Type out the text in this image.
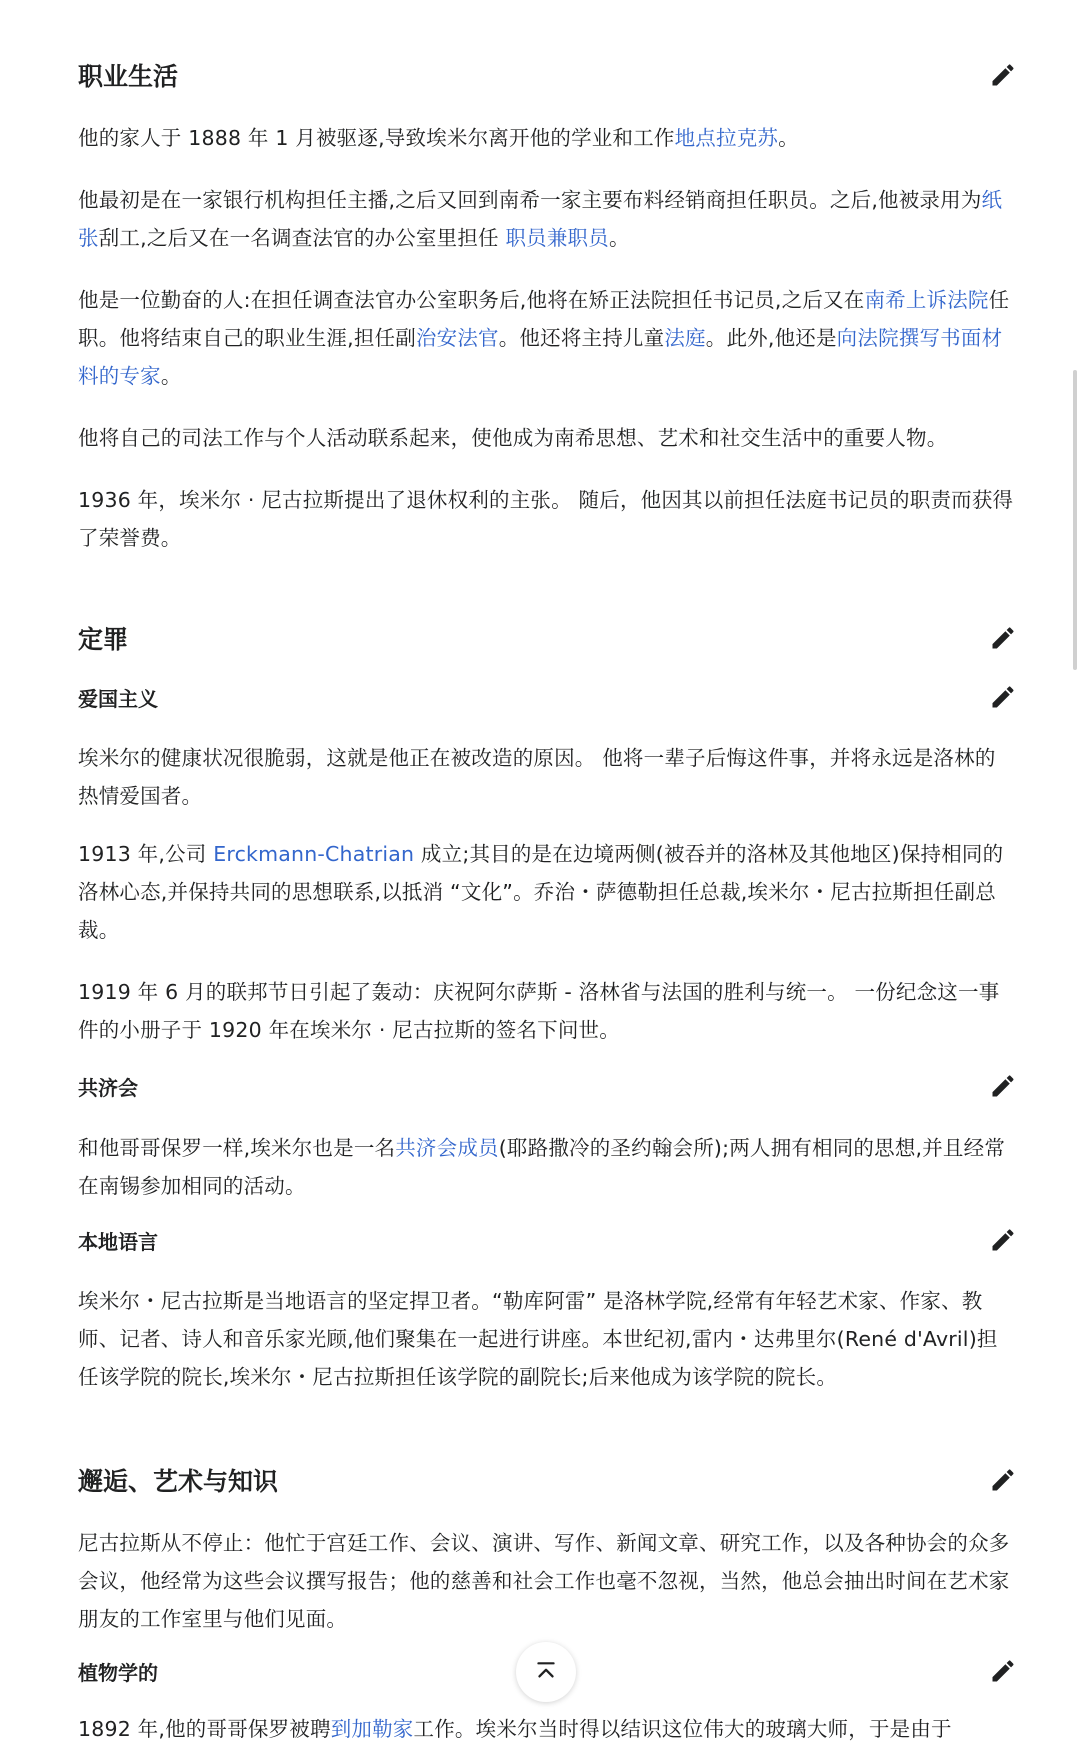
职业生活

他的家人于 1888 年 1 月被驱逐,导致埃米尔离开他的学业和工作地点拉克苏。

他最初是在一家银行机构担任主播,之后又回到南希一家主要布料经销商担任职员。之后,他被录用为纸张刮工,之后又在一名调查法官的办公室里担任 职员兼职员。

他是一位勤奋的人:在担任调查法官办公室职务后,他将在矫正法院担任书记员,之后又在南希上诉法院任职。他将结束自己的职业生涯,担任副治安法官。他还将主持儿童法庭。此外,他还是向法院撰写书面材料的专家。

他将自己的司法工作与个人活动联系起来，使他成为南希思想、艺术和社交生活中的重要人物。

1936 年，埃米尔 · 尼古拉斯提出了退休权利的主张。 随后，他因其以前担任法庭书记员的职责而获得了荣誉费。

定罪
爱国主义

埃米尔的健康状况很脆弱，这就是他正在被改造的原因。 他将一辈子后悔这件事，并将永远是洛林的热情爱国者。

1913 年,公司 Erckmann-Chatrian 成立;其目的是在边境两侧(被吞并的洛林及其他地区)保持相同的洛林心态,并保持共同的思想联系,以抵消 “文化”。乔治・萨德勒担任总裁,埃米尔・尼古拉斯担任副总裁。

1919 年 6 月的联邦节日引起了轰动：庆祝阿尔萨斯 - 洛林省与法国的胜利与统一。 一份纪念这一事件的小册子于 1920 年在埃米尔 · 尼古拉斯的签名下问世。

共济会

和他哥哥保罗一样,埃米尔也是一名共济会成员(耶路撒冷的圣约翰会所);两人拥有相同的思想,并且经常在南锡参加相同的活动。

本地语言

埃米尔・尼古拉斯是当地语言的坚定捍卫者。“勒库阿雷” 是洛林学院,经常有年轻艺术家、作家、教师、记者、诗人和音乐家光顾,他们聚集在一起进行讲座。本世纪初,雷内・达弗里尔(René d'Avril)担任该学院的院长,埃米尔・尼古拉斯担任该学院的副院长;后来他成为该学院的院长。

邂逅、艺术与知识

尼古拉斯从不停止：他忙于宫廷工作、会议、演讲、写作、新闻文章、研究工作，以及各种协会的众多会议，他经常为这些会议撰写报告；他的慈善和社会工作也毫不忽视，当然，他总会抽出时间在艺术家朋友的工作室里与他们见面。

植物学的

1892 年,他的哥哥保罗被聘到加勒家工作。埃米尔当时得以结识这位伟大的玻璃大师，于是由于
